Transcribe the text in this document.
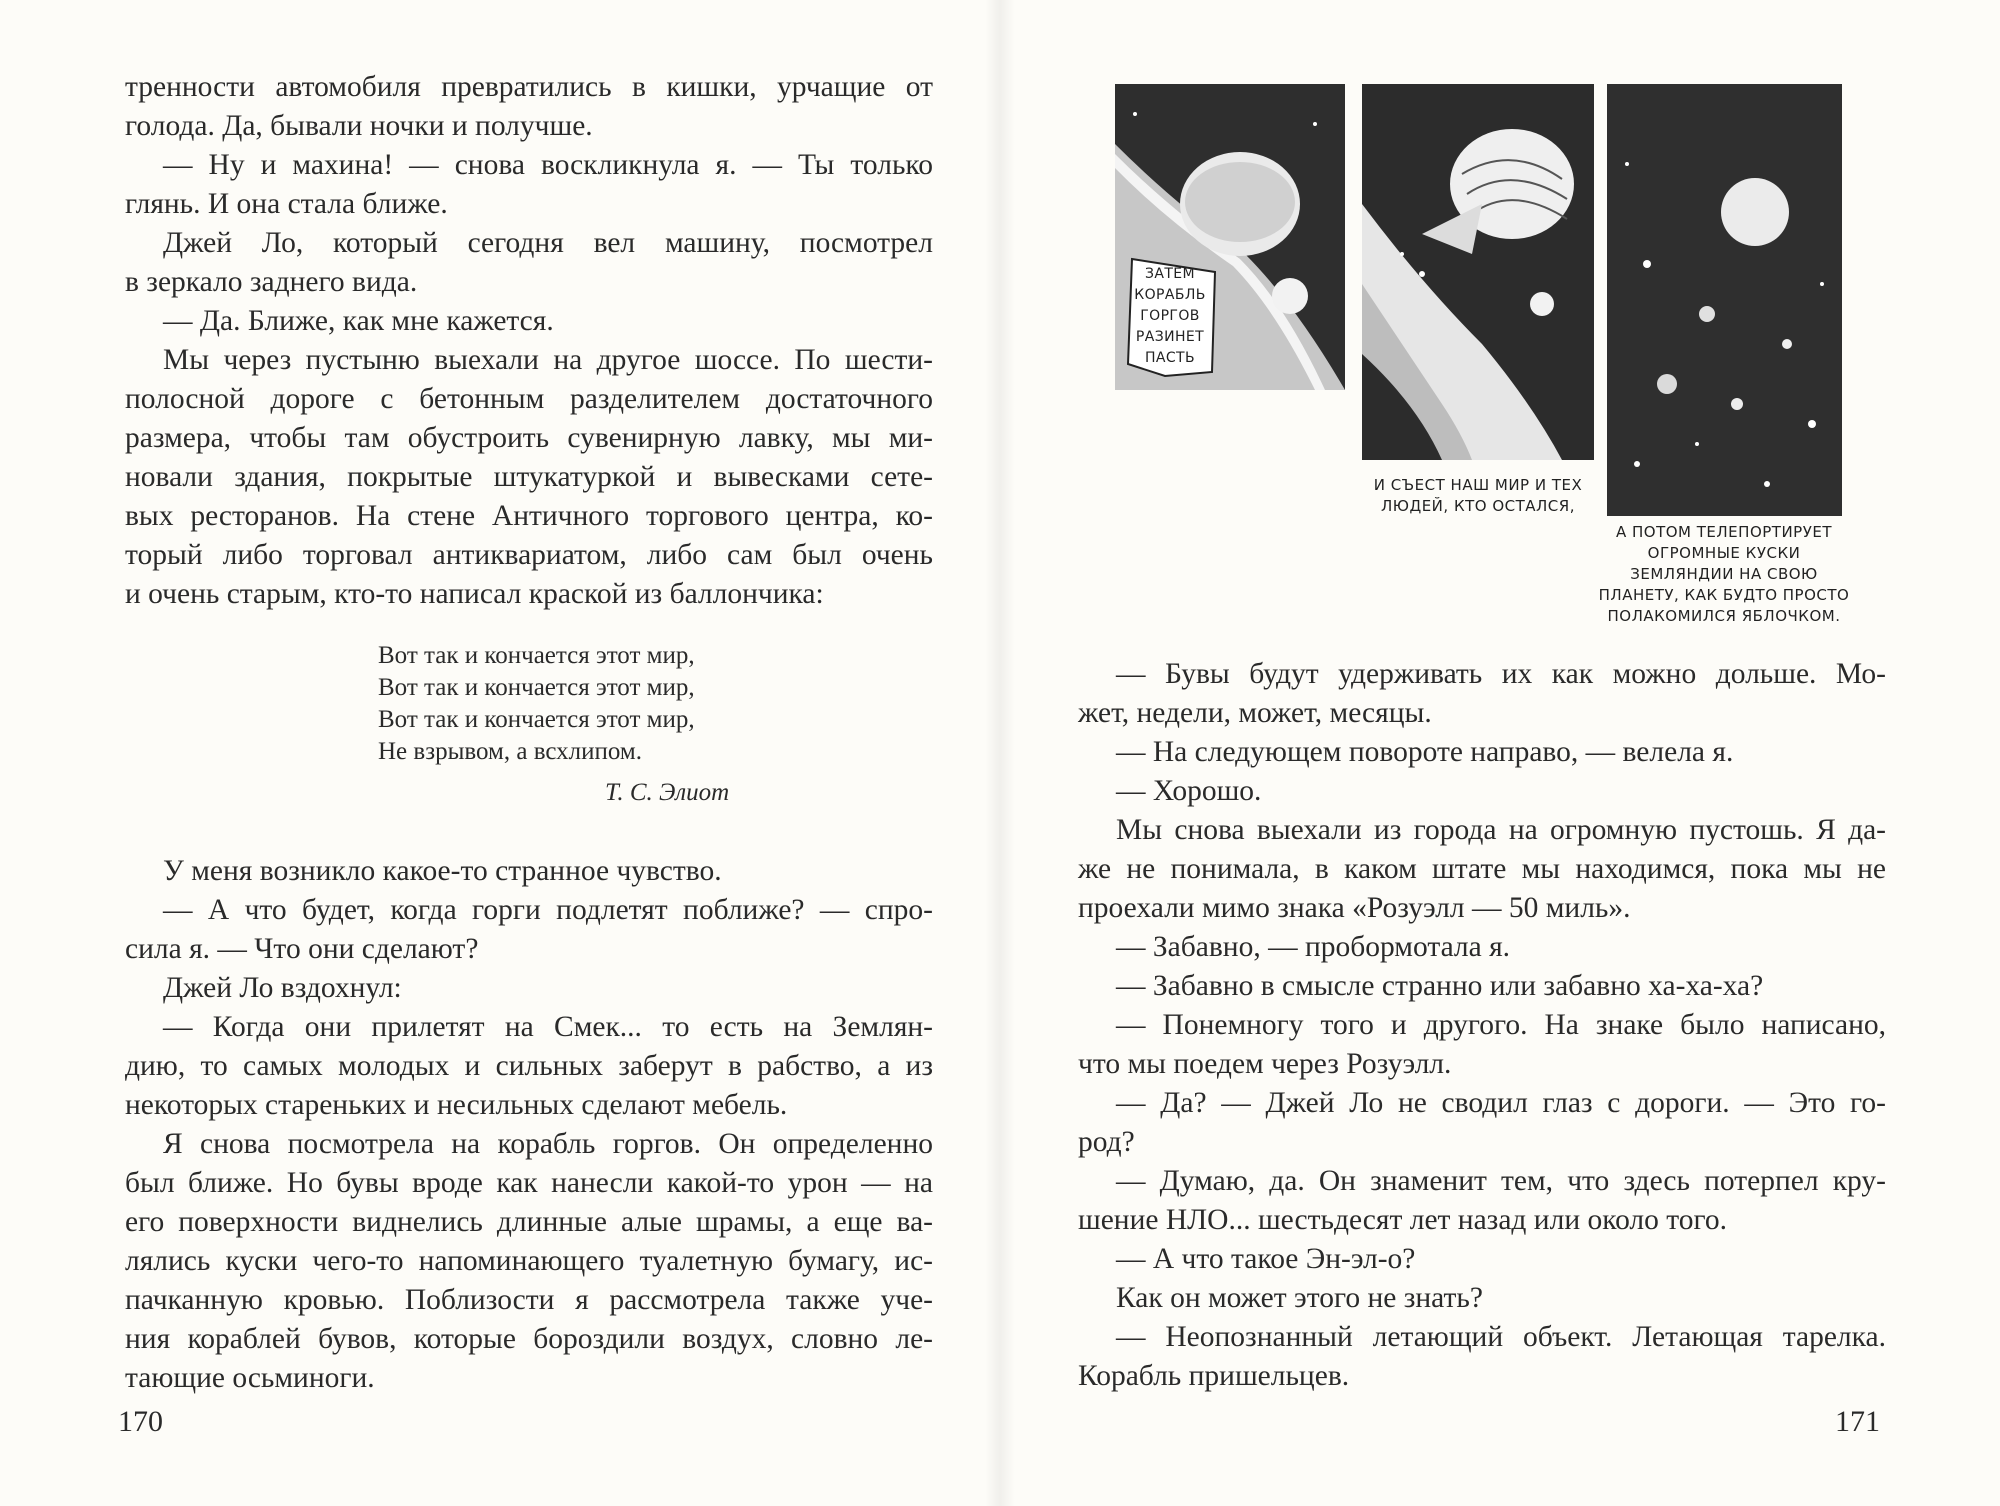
тренности автомобиля превратились в кишки, урчащие от
голода. Да, бывали ночки и получше.
— Ну и махина! — снова воскликнула я. — Ты только
глянь. И она стала ближе.
Джей Ло, который сегодня вел машину, посмотрел
в зеркало заднего вида.
— Да. Ближе, как мне кажется.
Мы через пустыню выехали на другое шоссе. По шести-
полосной дороге с бетонным разделителем достаточного
размера, чтобы там обустроить сувенирную лавку, мы ми-
новали здания, покрытые штукатуркой и вывесками сете-
вых ресторанов. На стене Античного торгового центра, ко-
торый либо торговал антиквариатом, либо сам был очень
и очень старым, кто-то написал краской из баллончика:
Вот так и кончается этот мир,
Вот так и кончается этот мир,
Вот так и кончается этот мир,
Не взрывом, а всхлипом.
Т. С. Элиот
У меня возникло какое-то странное чувство.
— А что будет, когда горги подлетят поближе? — спро-
сила я. — Что они сделают?
Джей Ло вздохнул:
— Когда они прилетят на Смек... то есть на Землян-
дию, то самых молодых и сильных заберут в рабство, а из
некоторых стареньких и несильных сделают мебель.
Я снова посмотрела на корабль горгов. Он определенно
был ближе. Но бувы вроде как нанесли какой-то урон — на
его поверхности виднелись длинные алые шрамы, а еще ва-
лялись куски чего-то напоминающего туалетную бумагу, ис-
пачканную кровью. Поблизости я рассмотрела также уче-
ния кораблей бувов, которые бороздили воздух, словно ле-
тающие осьминоги.
170
ЗАТЕМ
КОРАБЛЬ
ГОРГОВ
РАЗИНЕТ
ПАСТЬ
И СЪЕСТ НАШ МИР И ТЕХ
ЛЮДЕЙ, КТО ОСТАЛСЯ,
А ПОТОМ ТЕЛЕПОРТИРУЕТ
ОГРОМНЫЕ КУСКИ
ЗЕМЛЯНДИИ НА СВОЮ
ПЛАНЕТУ, КАК БУДТО ПРОСТО
ПОЛАКОМИЛСЯ ЯБЛОЧКОМ.
— Бувы будут удерживать их как можно дольше. Мо-
жет, недели, может, месяцы.
— На следующем повороте направо, — велела я.
— Хорошо.
Мы снова выехали из города на огромную пустошь. Я да-
же не понимала, в каком штате мы находимся, пока мы не
проехали мимо знака «Розуэлл — 50 миль».
— Забавно, — пробормотала я.
— Забавно в смысле странно или забавно ха-ха-ха?
— Понемногу того и другого. На знаке было написано,
что мы поедем через Розуэлл.
— Да? — Джей Ло не сводил глаз с дороги. — Это го-
род?
— Думаю, да. Он знаменит тем, что здесь потерпел кру-
шение НЛО... шестьдесят лет назад или около того.
— А что такое Эн-эл-о?
Как он может этого не знать?
— Неопознанный летающий объект. Летающая тарелка.
Корабль пришельцев.
171
